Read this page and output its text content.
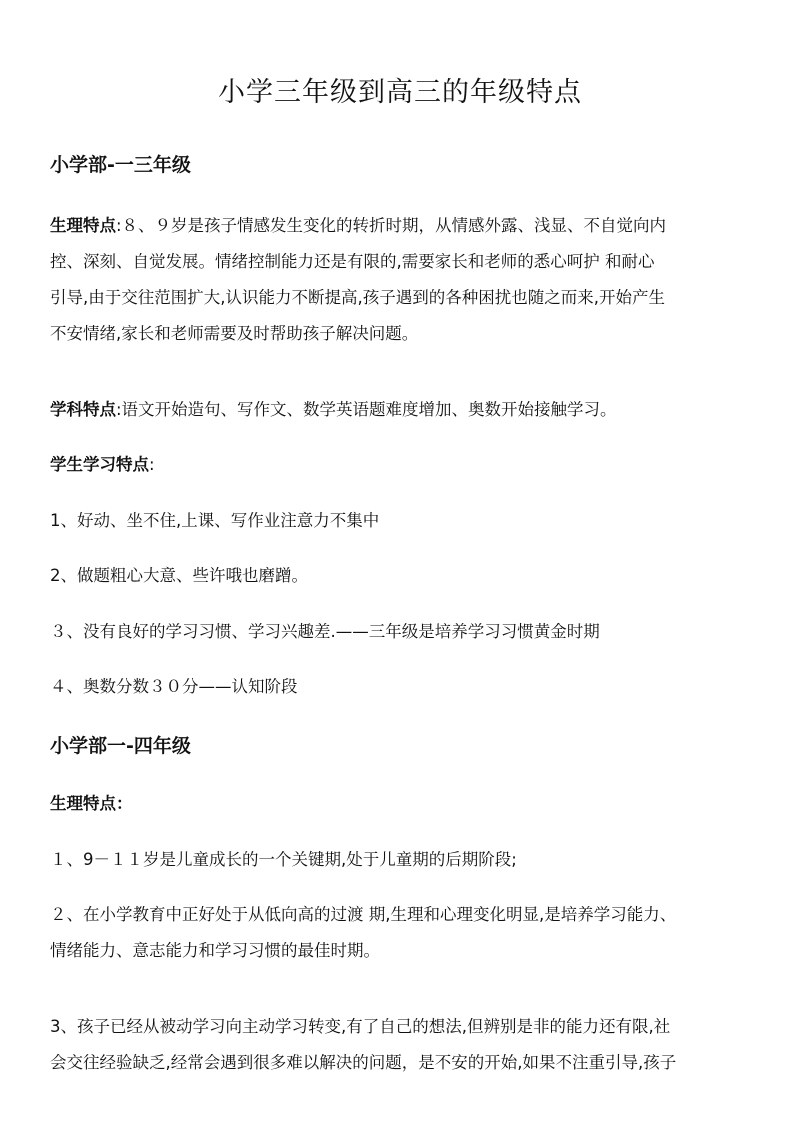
小学三年级到高三的年级特点
小学部-一三年级
生理特点:８、９岁是孩子情感发生变化的转折时期，从情感外露、浅显、不自觉向内
控、深刻、自觉发展。情绪控制能力还是有限的,需要家长和老师的悉心呵护 和耐心
引导,由于交往范围扩大,认识能力不断提高,孩子遇到的各种困扰也随之而来,开始产生
不安情绪,家长和老师需要及时帮助孩子解决问题。
学科特点:语文开始造句、写作文、数学英语题难度增加、奥数开始接触学习。
学生学习特点:
1、好动、坐不住,上课、写作业注意力不集中
2、做题粗心大意、些许哦也磨蹭。
３、没有良好的学习习惯、学习兴趣差.——三年级是培养学习习惯黄金时期
４、奥数分数３０分——认知阶段
小学部一-四年级
生理特点：
１、9－１１岁是儿童成长的一个关键期,处于儿童期的后期阶段;
２、在小学教育中正好处于从低向高的过渡 期,生理和心理变化明显,是培养学习能力、
情绪能力、意志能力和学习习惯的最佳时期。
3、孩子已经从被动学习向主动学习转变,有了自己的想法,但辨别是非的能力还有限,社
会交往经验缺乏,经常会遇到很多难以解决的问题，是不安的开始,如果不注重引导,孩子
